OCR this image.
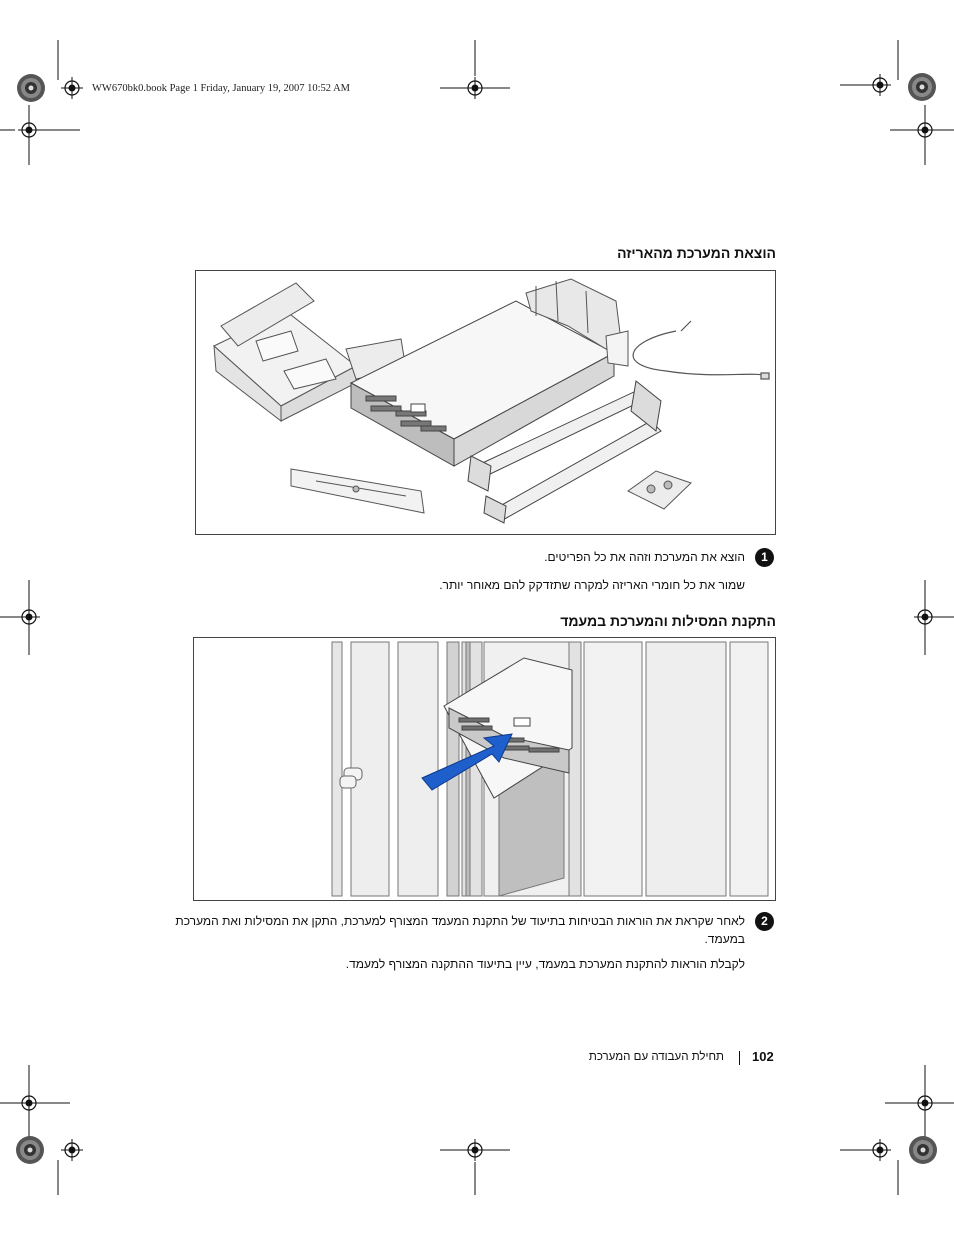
WW670bk0.book Page 1 Friday, January 19, 2007 10:52 AM
הוצאת המערכת מהאריזה
1
הוצא את המערכת וזהה את כל הפריטים.
שמור את כל חומרי האריזה למקרה שתזדקק להם מאוחר יותר.
התקנת המסילות והמערכת במעמד
2
לאחר שקראת את הוראות הבטיחות בתיעוד של התקנת המעמד המצורף למערכת, התקן את המסילות ואת המערכת במעמד.
לקבלת הוראות להתקנת המערכת במעמד, עיין בתיעוד ההתקנה המצורף למעמד.
102
תחילת העבודה עם המערכת
